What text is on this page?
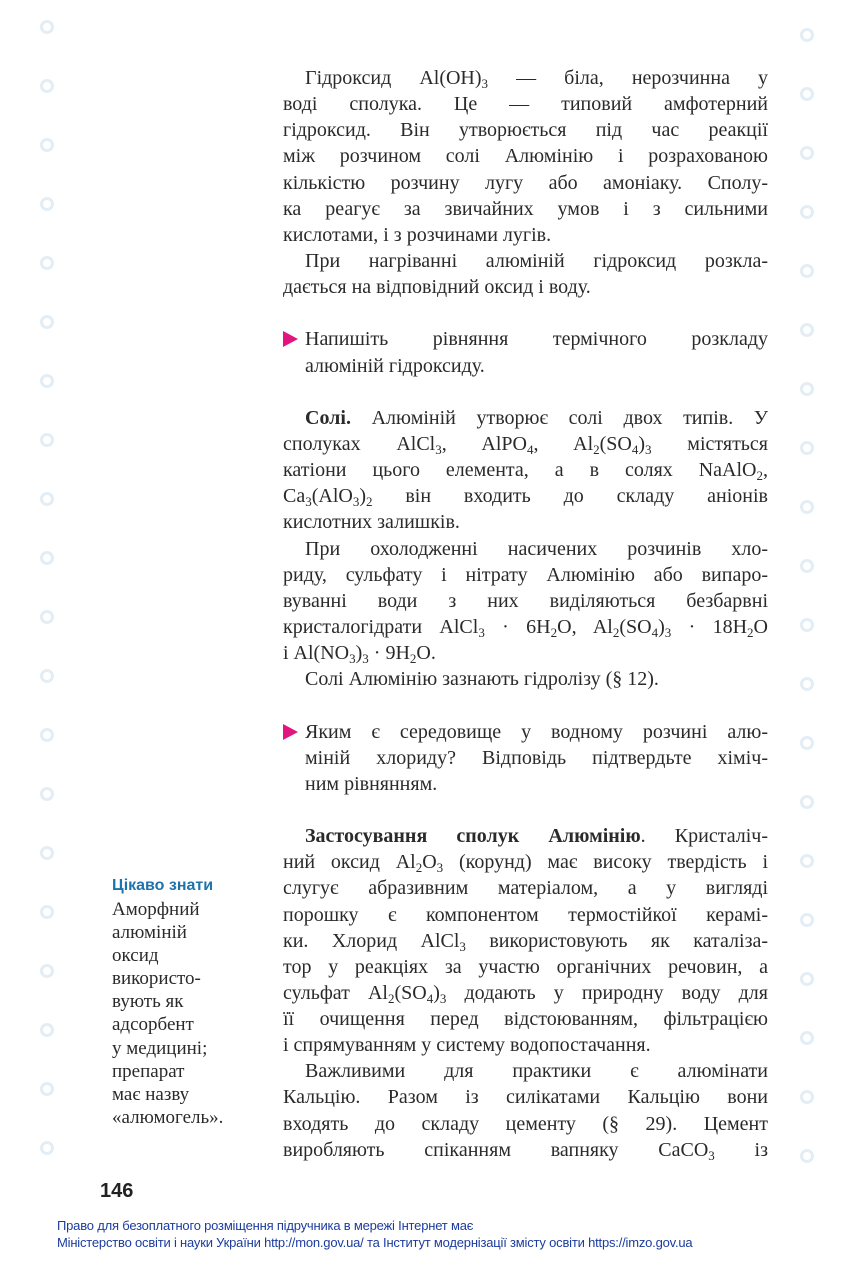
Гідроксид $Al(OH)_3$ — біла, нерозчинна у
воді сполука. Це — типовий амфотерний
гідроксид. Він утворюється під час реакції
між розчином солі Алюмінію і розрахованою
кількістю розчину лугу або амоніаку. Сполу-
ка реагує за звичайних умов і з сильними
кислотами, і з розчинами лугів.
При нагріванні алюміній гідроксид розкла-
дається на відповідний оксид і воду.

Напишіть рівняння термічного розкладу
алюміній гідроксиду.

Солі. Алюміній утворює солі двох типів. У
сполуках AlCl$_3$, AlPO$_4$, $Al_2(SO_4)_3$ містяться
катіони цього елемента, а в солях NaAlO$_2$,
$Ca_3(AlO_3)_2$ він входить до складу аніонів
кислотних залишків.
При охолодженні насичених розчинів хло-
риду, сульфату і нітрату Алюмінію або випаро-
вуванні води з них виділяються безбарвні
кристалогідрати AlCl$_3$ · $6H_2O$, $Al_2(SO_4)_3 \cdot 18H_2O$
і $Al(NO_3)_3 \cdot 9H_2O$.
Солі Алюмінію зазнають гідролізу (§ 12).

Яким є середовище у водному розчині алю-
міній хлориду? Відповідь підтвердьте хіміч-
ним рівнянням.

Застосування сполук Алюмінію. Кристаліч-
ний оксид $Al_2O_3$ (корунд) має високу твердість і
слугує абразивним матеріалом, а у вигляді
порошку є компонентом термостійкої керамі-
ки. Хлорид AlCl$_3$ використовують як каталіза-
тор у реакціях за участю органічних речовин, а
сульфат $Al_2(SO_4)_3$ додають у природну воду для
її очищення перед відстоюванням, фільтрацією
і спрямуванням у систему водопостачання.
Важливими для практики є алюмінати
Кальцію. Разом із силікатами Кальцію вони
входять до складу цементу (§ 29). Цемент
виробляють спіканням вапняку CaCO$_3$ із
Цікаво знати
Аморфний
алюміній
оксид
використо-
вують як
адсорбент
у медицині;
препарат
має назву
«алюмогель».
146
Право для безоплатного розміщення підручника в мережі Інтернет має
Міністерство освіти і науки України http://mon.gov.ua/ та Інститут модернізації змісту освіти https://imzo.gov.ua
